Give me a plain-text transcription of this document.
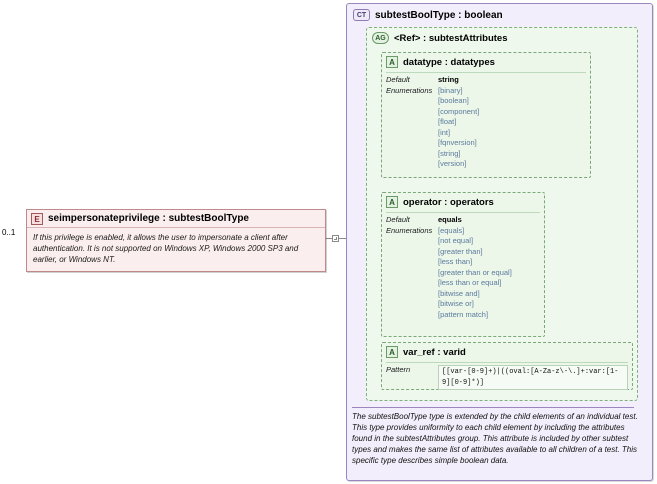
E seimpersonateprivilege : subtestBoolType
If this privilege is enabled, it allows the user to impersonate a client after authentication. It is not supported on Windows XP, Windows 2000 SP3 and earlier, or Windows NT.
0..1
CT subtestBoolType : boolean
AG <Ref> : subtestAttributes
A datatype : datatypes
Default	string
Enumerations [binary]
[boolean]
[component]
[float]
[int]
[fqnversion]
[string]
[version]
A operator : operators
Default	equals
Enumerations [equals]
[not equal]
[greater than]
[less than]
[greater than or equal]
[less than or equal]
[bitwise and]
[bitwise or]
[pattern match]
A var_ref : varid
Pattern	[[var-[0-9]+)|((oval:[A-Za-z\-\.]+:var:[1-9][0-9]*)]
The subtestBoolType type is extended by the child elements of an individual test. This type provides uniformity to each child element by including the attributes found in the subtestAttributes group. This attribute is included by other subtest types and makes the same list of attributes available to all children of a test. This specific type describes simple boolean data.
